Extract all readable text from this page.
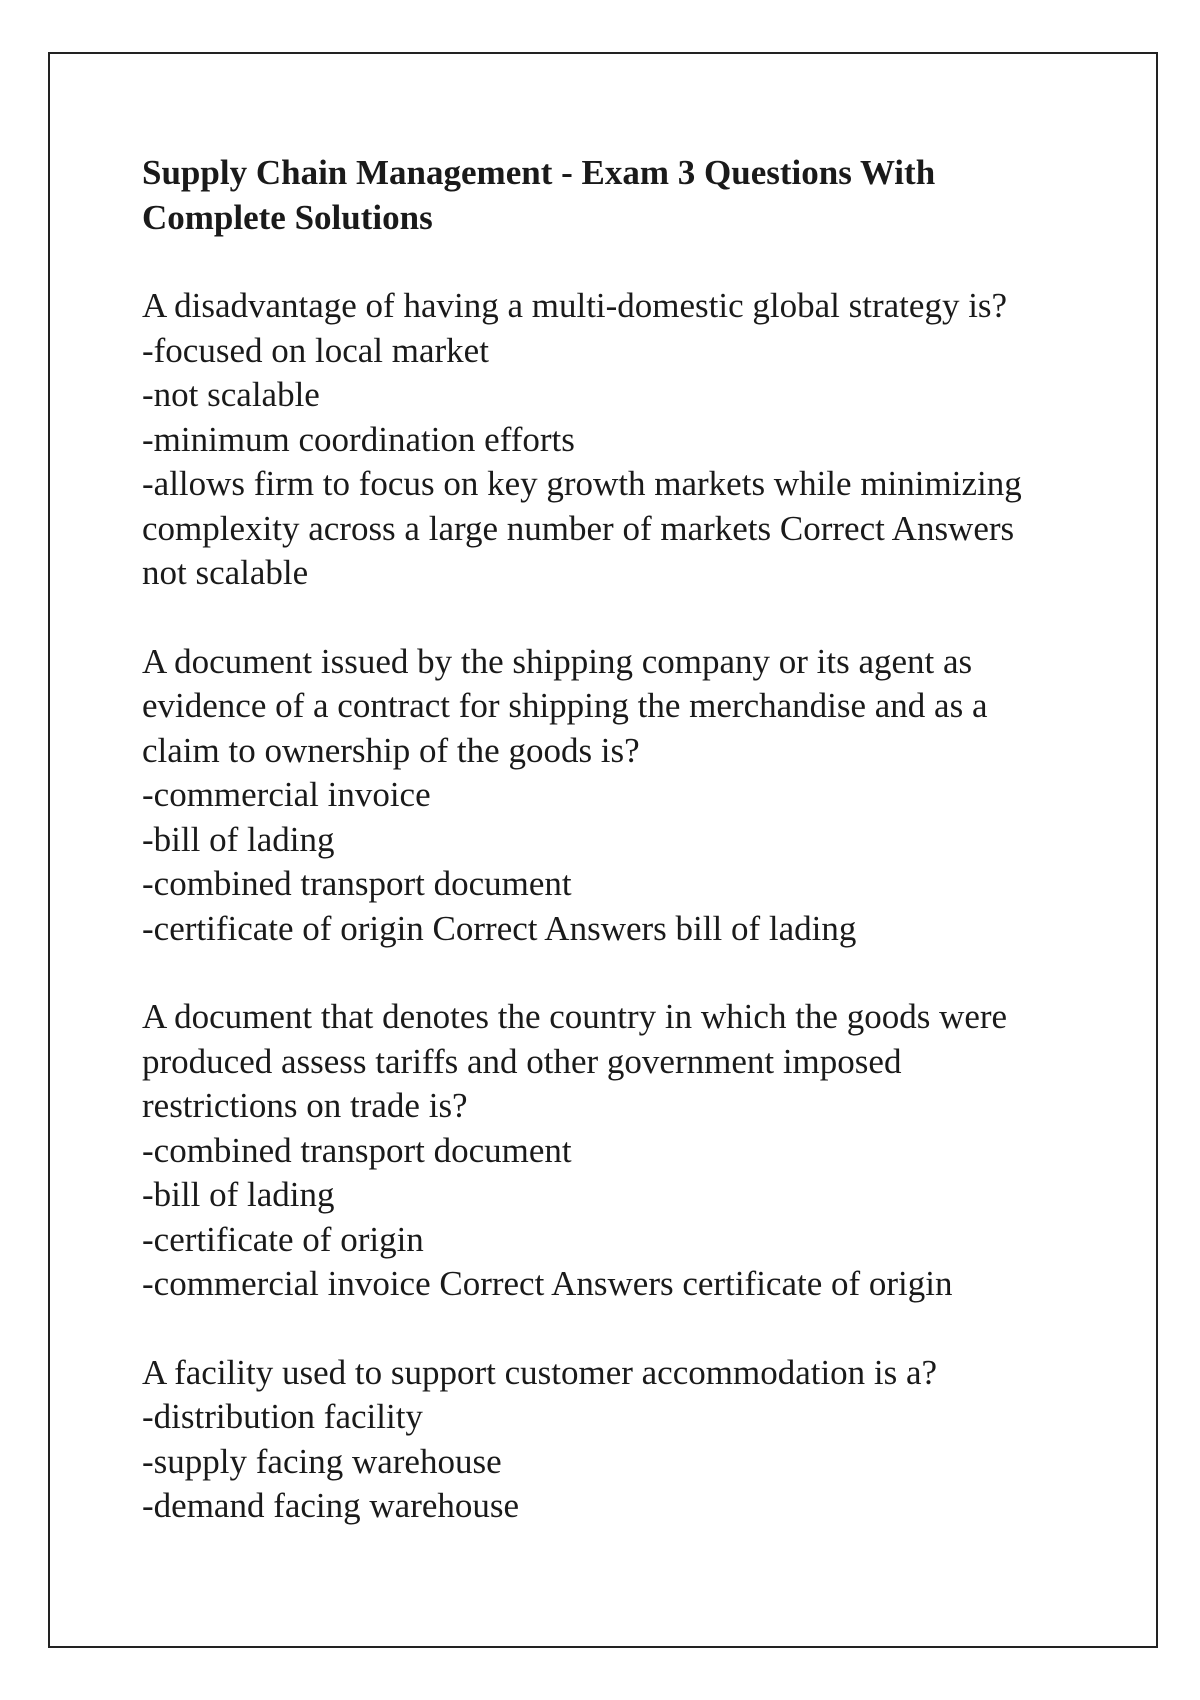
Supply Chain Management - Exam 3 Questions With Complete Solutions

A disadvantage of having a multi-domestic global strategy is?

-focused on local market
-not scalable
-minimum coordination efforts
-allows firm to focus on key growth markets while minimizing complexity across a large number of markets Correct Answers not scalable

A document issued by the shipping company or its agent as evidence of a contract for shipping the merchandise and as a claim to ownership of the goods is?

-commercial invoice
-bill of lading
-combined transport document
-certificate of origin Correct Answers bill of lading

A document that denotes the country in which the goods were produced assess tariffs and other government imposed restrictions on trade is?

-combined transport document
-bill of lading
-certificate of origin
-commercial invoice Correct Answers certificate of origin

A facility used to support customer accommodation is a?

-distribution facility
-supply facing warehouse
-demand facing warehouse
